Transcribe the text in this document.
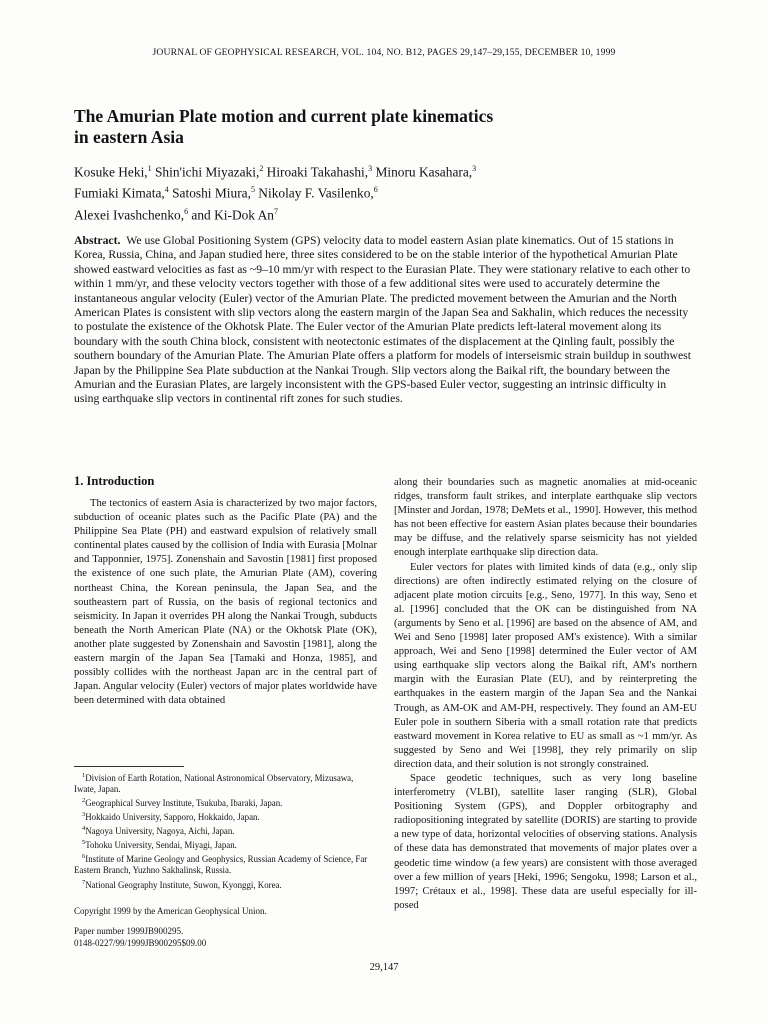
JOURNAL OF GEOPHYSICAL RESEARCH, VOL. 104, NO. B12, PAGES 29,147–29,155, DECEMBER 10, 1999
The Amurian Plate motion and current plate kinematics
in eastern Asia
Kosuke Heki,$^1$ Shin'ichi Miyazaki,$^2$ Hiroaki Takahashi,$^3$ Minoru Kasahara,$^3$
Fumiaki Kimata,$^4$ Satoshi Miura,$^5$ Nikolay F. Vasilenko,$^6$
Alexei Ivashchenko,$^6$ and Ki-Dok An$^7$
Abstract. We use Global Positioning System (GPS) velocity data to model eastern Asian plate kinematics. Out of 15 stations in Korea, Russia, China, and Japan studied here, three sites considered to be on the stable interior of the hypothetical Amurian Plate showed eastward velocities as fast as ~9–10 mm/yr with respect to the Eurasian Plate. They were stationary relative to each other to within 1 mm/yr, and these velocity vectors together with those of a few additional sites were used to accurately determine the instantaneous angular velocity (Euler) vector of the Amurian Plate. The predicted movement between the Amurian and the North American Plates is consistent with slip vectors along the eastern margin of the Japan Sea and Sakhalin, which reduces the necessity to postulate the existence of the Okhotsk Plate. The Euler vector of the Amurian Plate predicts left-lateral movement along its boundary with the south China block, consistent with neotectonic estimates of the displacement at the Qinling fault, possibly the southern boundary of the Amurian Plate. The Amurian Plate offers a platform for models of interseismic strain buildup in southwest Japan by the Philippine Sea Plate subduction at the Nankai Trough. Slip vectors along the Baikal rift, the boundary between the Amurian and the Eurasian Plates, are largely inconsistent with the GPS-based Euler vector, suggesting an intrinsic difficulty in using earthquake slip vectors in continental rift zones for such studies.
1. Introduction

The tectonics of eastern Asia is characterized by two major factors, subduction of oceanic plates such as the Pacific Plate (PA) and the Philippine Sea Plate (PH) and eastward expulsion of relatively small continental plates caused by the collision of India with Eurasia [Molnar and Tapponnier, 1975]. Zonenshain and Savostin [1981] first proposed the existence of one such plate, the Amurian Plate (AM), covering northeast China, the Korean peninsula, the Japan Sea, and the southeastern part of Russia, on the basis of regional tectonics and seismicity. In Japan it overrides PH along the Nankai Trough, subducts beneath the North American Plate (NA) or the Okhotsk Plate (OK), another plate suggested by Zonenshain and Savostin [1981], along the eastern margin of the Japan Sea [Tamaki and Honza, 1985], and possibly collides with the northeast Japan arc in the central part of Japan. Angular velocity (Euler) vectors of major plates worldwide have been determined with data obtained

$^1$Division of Earth Rotation, National Astronomical Observatory, Mizusawa, Iwate, Japan.
$^2$Geographical Survey Institute, Tsukuba, Ibaraki, Japan.
$^3$Hokkaido University, Sapporo, Hokkaido, Japan.
$^4$Nagoya University, Nagoya, Aichi, Japan.
$^5$Tohoku University, Sendai, Miyagi, Japan.
$^6$Institute of Marine Geology and Geophysics, Russian Academy of Science, Far Eastern Branch, Yuzhno Sakhalinsk, Russia.
$^7$National Geography Institute, Suwon, Kyonggi, Korea.
Copyright 1999 by the American Geophysical Union.
Paper number 1999JB900295.
0148-0227/99/1999JB900295$09.00

along their boundaries such as magnetic anomalies at mid-oceanic ridges, transform fault strikes, and interplate earthquake slip vectors [Minster and Jordan, 1978; DeMets et al., 1990]. However, this method has not been effective for eastern Asian plates because their boundaries may be diffuse, and the relatively sparse seismicity has not yielded enough interplate earthquake slip direction data.

Euler vectors for plates with limited kinds of data (e.g., only slip directions) are often indirectly estimated relying on the closure of adjacent plate motion circuits [e.g., Seno, 1977]. In this way, Seno et al. [1996] concluded that the OK can be distinguished from NA (arguments by Seno et al. [1996] are based on the absence of AM, and Wei and Seno [1998] later proposed AM's existence). With a similar approach, Wei and Seno [1998] determined the Euler vector of AM using earthquake slip vectors along the Baikal rift, AM's northern margin with the Eurasian Plate (EU), and by reinterpreting the earthquakes in the eastern margin of the Japan Sea and the Nankai Trough, as AM-OK and AM-PH, respectively. They found an AM-EU Euler pole in southern Siberia with a small rotation rate that predicts eastward movement in Korea relative to EU as small as ~1 mm/yr. As suggested by Seno and Wei [1998], they rely primarily on slip direction data, and their solution is not strongly constrained.

Space geodetic techniques, such as very long baseline interferometry (VLBI), satellite laser ranging (SLR), Global Positioning System (GPS), and Doppler orbitography and radiopositioning integrated by satellite (DORIS) are starting to provide a new type of data, horizontal velocities of observing stations. Analysis of these data has demonstrated that movements of major plates over a geodetic time window (a few years) are consistent with those averaged over a few million of years [Heki, 1996; Sengoku, 1998; Larson et al., 1997; Crétaux et al., 1998]. These data are useful especially for ill-posed

29,147
